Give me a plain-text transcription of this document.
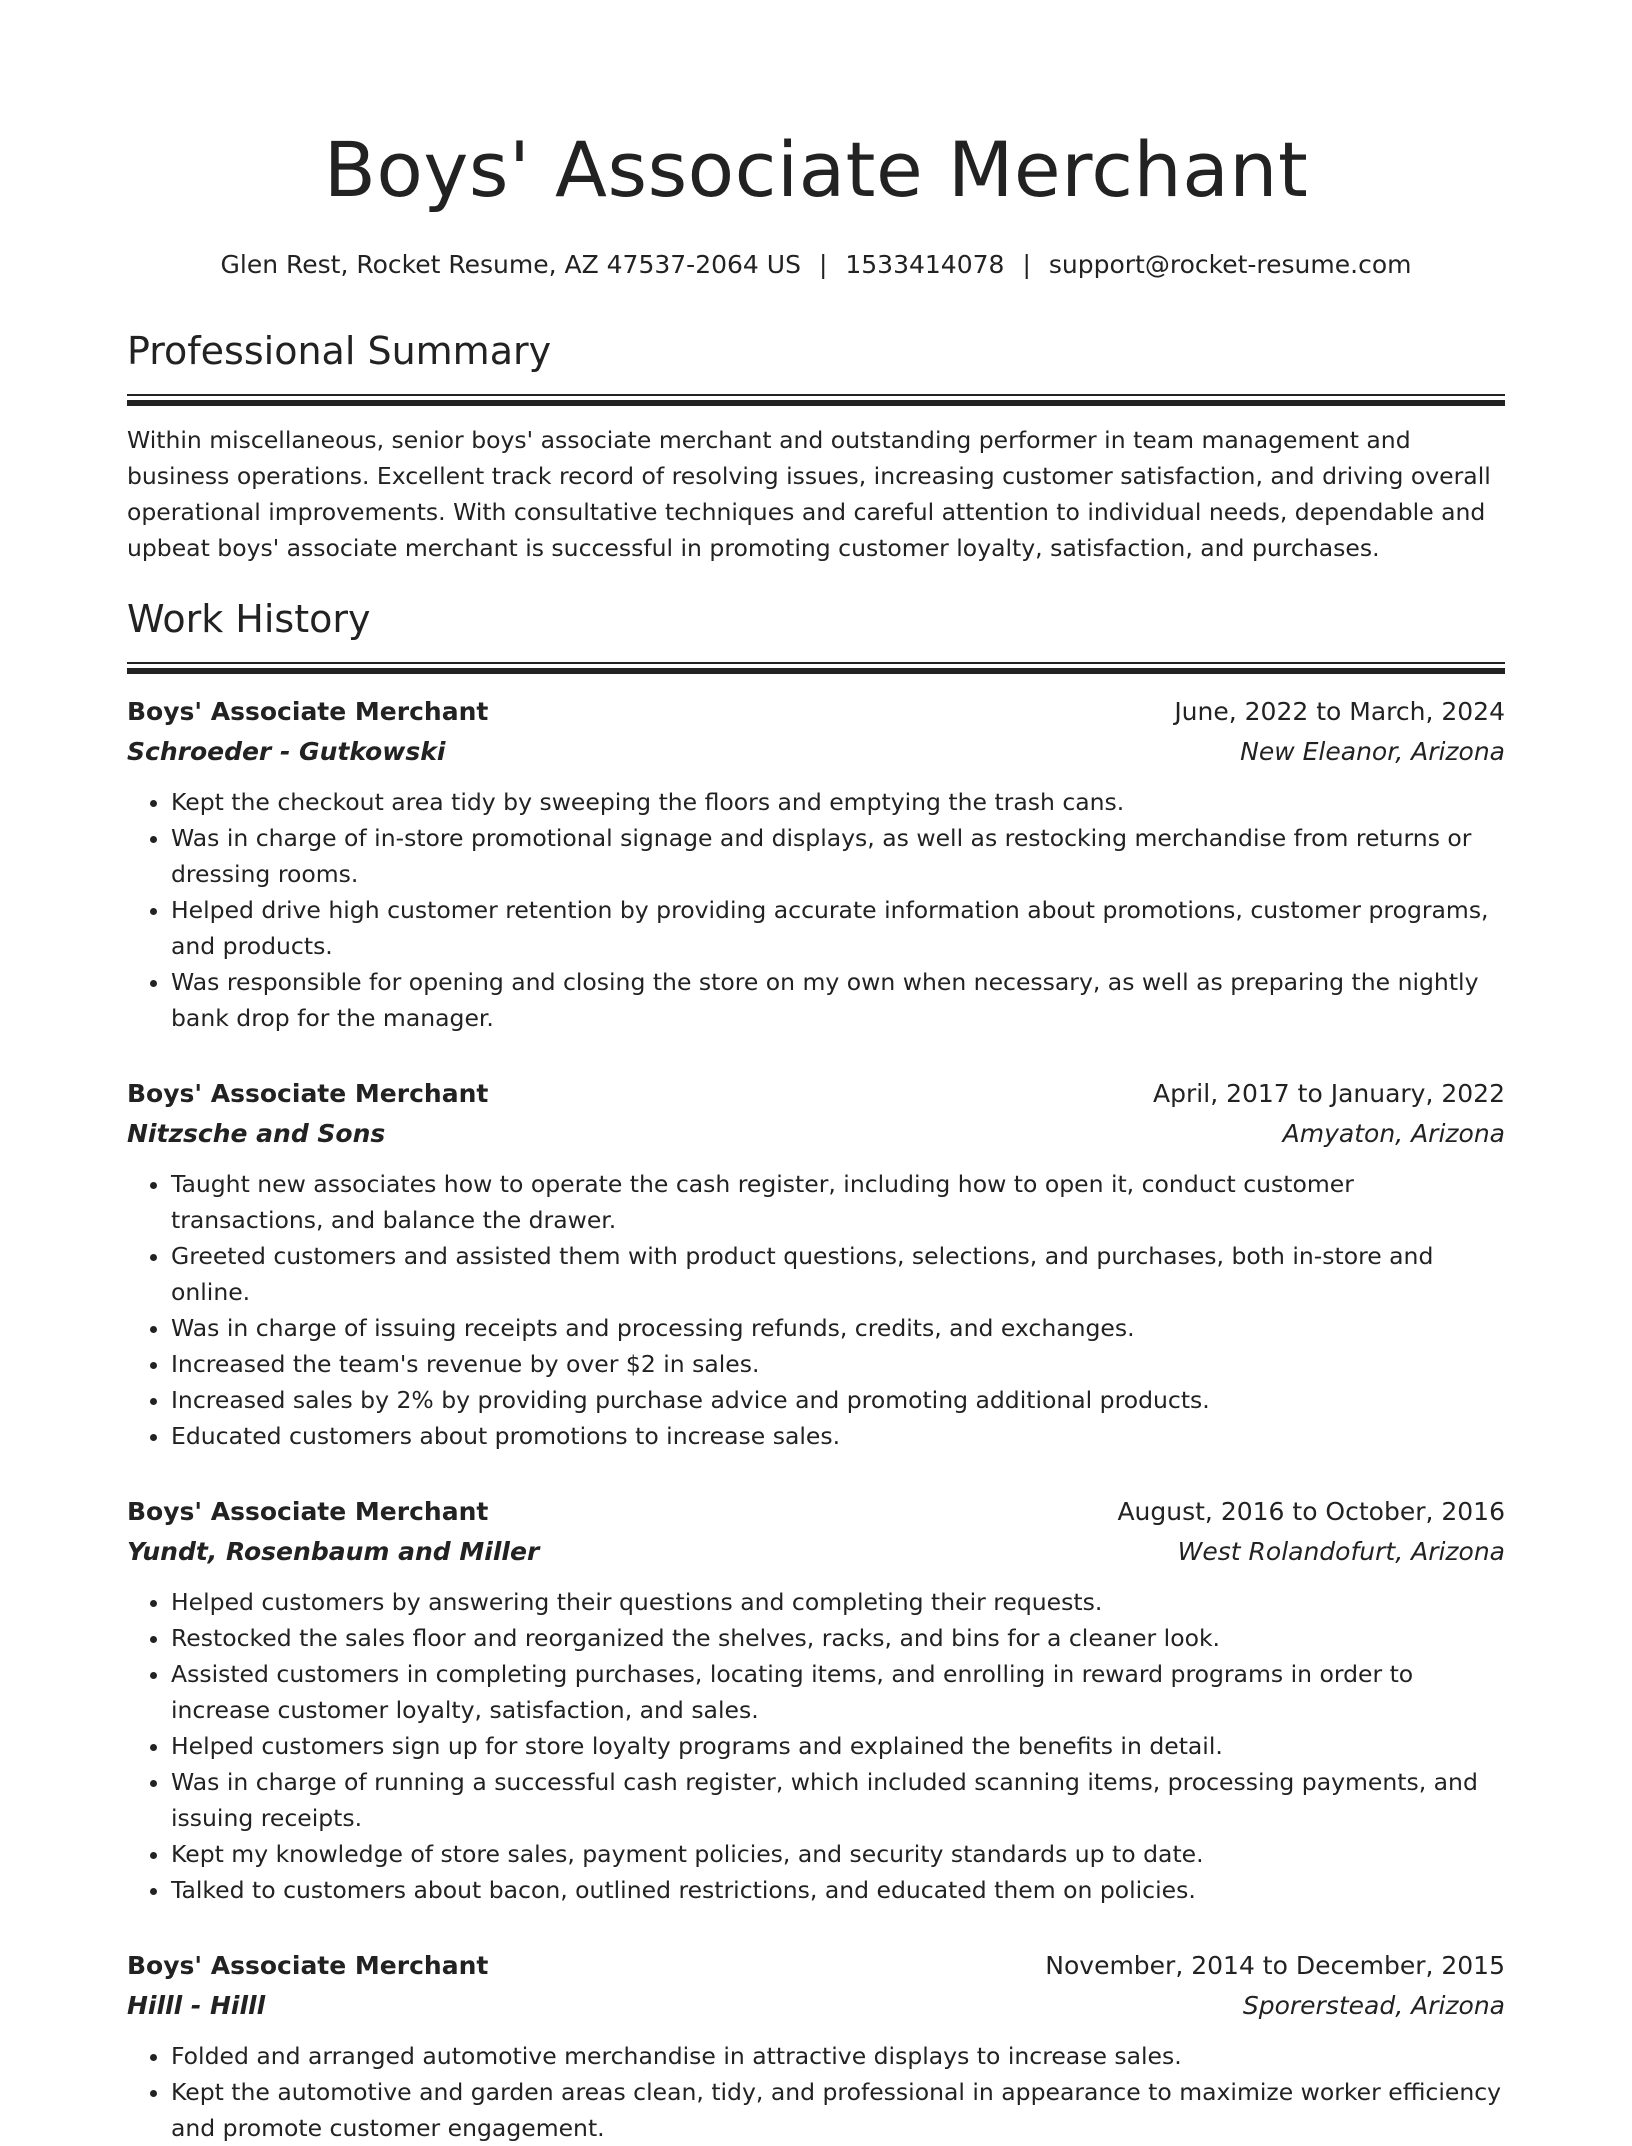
Boys' Associate Merchant
Glen Rest, Rocket Resume, AZ 47537-2064 US | 1533414078 | support@rocket-resume.com
Professional Summary

Within miscellaneous, senior boys' associate merchant and outstanding performer in team management and business operations. Excellent track record of resolving issues, increasing customer satisfaction, and driving overall operational improvements. With consultative techniques and careful attention to individual needs, dependable and upbeat boys' associate merchant is successful in promoting customer loyalty, satisfaction, and purchases.

Work History
Boys' Associate Merchant	June, 2022 to March, 2024
Schroeder - Gutkowski	New Eleanor, Arizona
• Kept the checkout area tidy by sweeping the floors and emptying the trash cans.
• Was in charge of in-store promotional signage and displays, as well as restocking merchandise from returns or dressing rooms.
• Helped drive high customer retention by providing accurate information about promotions, customer programs, and products.
• Was responsible for opening and closing the store on my own when necessary, as well as preparing the nightly bank drop for the manager.
Boys' Associate Merchant	April, 2017 to January, 2022
Nitzsche and Sons	Amyaton, Arizona
• Taught new associates how to operate the cash register, including how to open it, conduct customer transactions, and balance the drawer.
• Greeted customers and assisted them with product questions, selections, and purchases, both in-store and online.
• Was in charge of issuing receipts and processing refunds, credits, and exchanges.
• Increased the team's revenue by over $2 in sales.
• Increased sales by 2% by providing purchase advice and promoting additional products.
• Educated customers about promotions to increase sales.
Boys' Associate Merchant	August, 2016 to October, 2016
Yundt, Rosenbaum and Miller	West Rolandofurt, Arizona
• Helped customers by answering their questions and completing their requests.
• Restocked the sales floor and reorganized the shelves, racks, and bins for a cleaner look.
• Assisted customers in completing purchases, locating items, and enrolling in reward programs in order to increase customer loyalty, satisfaction, and sales.
• Helped customers sign up for store loyalty programs and explained the benefits in detail.
• Was in charge of running a successful cash register, which included scanning items, processing payments, and issuing receipts.
• Kept my knowledge of store sales, payment policies, and security standards up to date.
• Talked to customers about bacon, outlined restrictions, and educated them on policies.
Boys' Associate Merchant	November, 2014 to December, 2015
Hilll - Hilll	Sporerstead, Arizona
• Folded and arranged automotive merchandise in attractive displays to increase sales.
• Kept the automotive and garden areas clean, tidy, and professional in appearance to maximize worker efficiency and promote customer engagement.
